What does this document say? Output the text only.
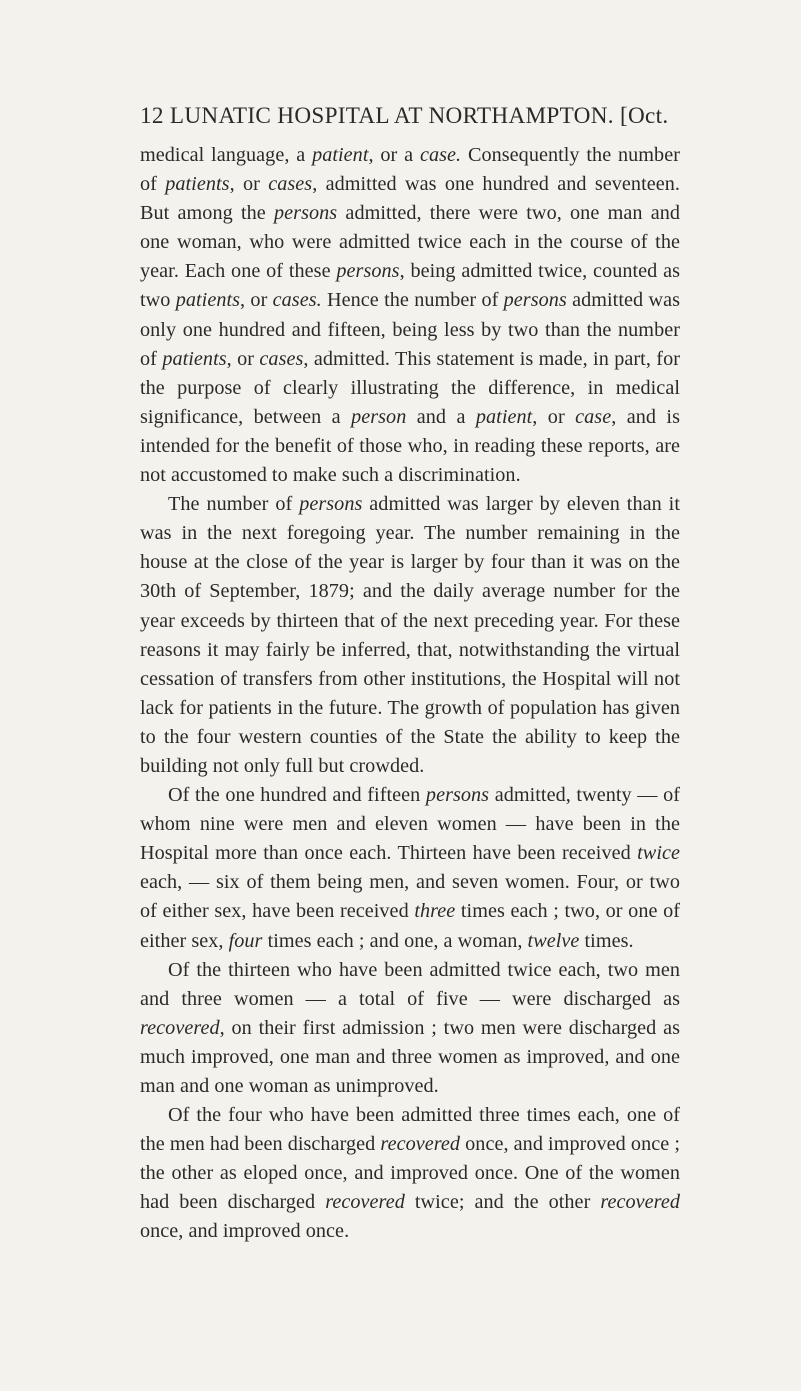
12 LUNATIC HOSPITAL AT NORTHAMPTON. [Oct.

medical language, a patient, or a case. Consequently the number of patients, or cases, admitted was one hundred and seventeen. But among the persons admitted, there were two, one man and one woman, who were admitted twice each in the course of the year. Each one of these persons, being admitted twice, counted as two patients, or cases. Hence the number of persons admitted was only one hundred and fifteen, being less by two than the number of patients, or cases, admitted. This statement is made, in part, for the purpose of clearly illustrating the difference, in medical significance, between a person and a patient, or case, and is intended for the benefit of those who, in reading these reports, are not accustomed to make such a discrimination.

The number of persons admitted was larger by eleven than it was in the next foregoing year. The number remaining in the house at the close of the year is larger by four than it was on the 30th of September, 1879; and the daily average number for the year exceeds by thirteen that of the next preceding year. For these reasons it may fairly be inferred, that, notwithstanding the virtual cessation of transfers from other institutions, the Hospital will not lack for patients in the future. The growth of population has given to the four western counties of the State the ability to keep the building not only full but crowded.

Of the one hundred and fifteen persons admitted, twenty — of whom nine were men and eleven women — have been in the Hospital more than once each. Thirteen have been received twice each, — six of them being men, and seven women. Four, or two of either sex, have been received three times each ; two, or one of either sex, four times each ; and one, a woman, twelve times.

Of the thirteen who have been admitted twice each, two men and three women — a total of five — were discharged as recovered, on their first admission ; two men were discharged as much improved, one man and three women as improved, and one man and one woman as unimproved.

Of the four who have been admitted three times each, one of the men had been discharged recovered once, and improved once ; the other as eloped once, and improved once. One of the women had been discharged recovered twice; and the other recovered once, and improved once.
